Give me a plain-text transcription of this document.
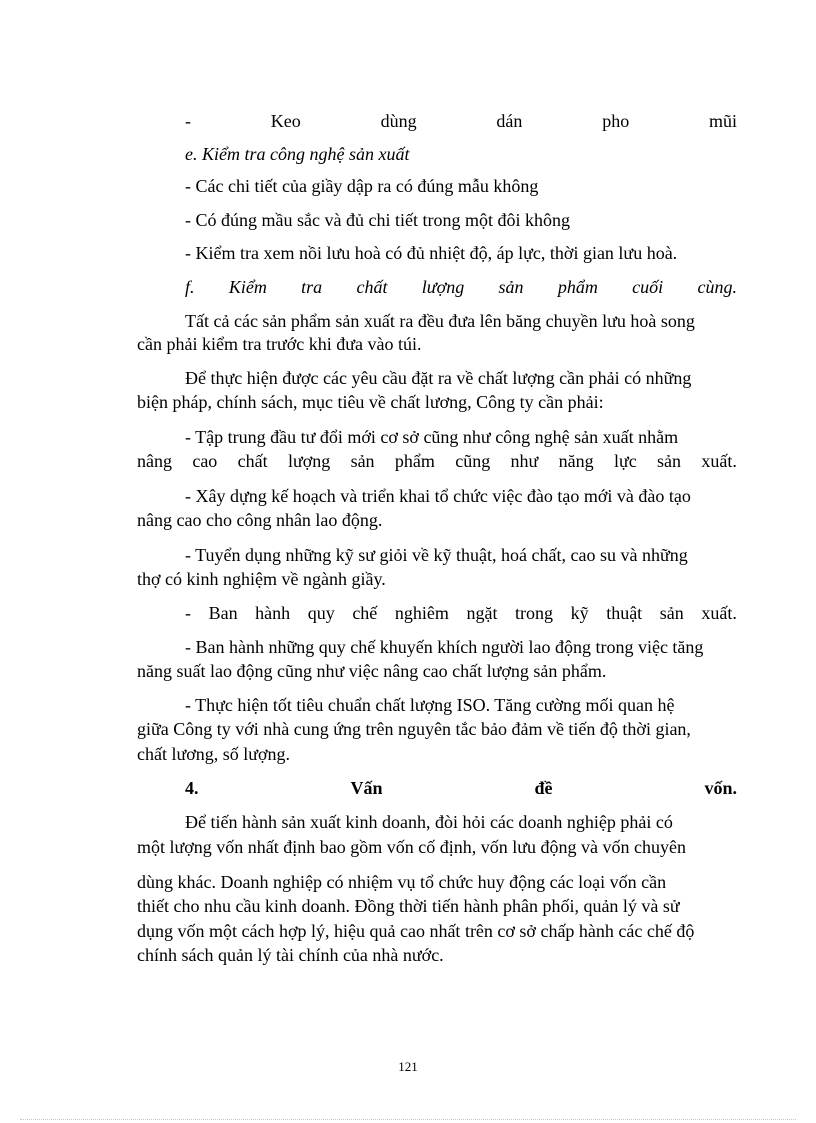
-	Keo	dùng	dán	pho	mũi
e. Kiểm tra công nghệ sản xuất
- Các chi tiết của giầy dập ra có đúng mẫu không
- Có đúng mầu sắc và đủ chi tiết trong một đôi không
- Kiểm tra xem nồi lưu hoà có đủ nhiệt độ, áp lực, thời gian lưu hoà.
f. Kiểm tra chất lượng sản phẩm cuối cùng.
Tất cả các sản phẩm sản xuất ra đều đưa lên băng chuyền lưu hoà song
cần phải kiểm tra trước khi đưa vào túi.
Để thực hiện được các yêu cầu đặt ra về chất lượng cần phải có những
biện pháp, chính sách, mục tiêu về chất lương, Công ty cần phải:
- Tập trung đầu tư đổi mới cơ sở cũng như công nghệ sản xuất nhằm
nâng cao chất lượng sản phẩm cũng như năng lực sản xuất.
- Xây dựng kế hoạch và triển khai tổ chức việc đào tạo mới và đào tạo
nâng cao cho công nhân lao động.
- Tuyển dụng những kỹ sư giỏi về kỹ thuật, hoá chất, cao su và những
thợ có kinh nghiệm về ngành giầy.
- Ban hành quy chế nghiêm ngặt trong kỹ thuật sản xuất.
- Ban hành những quy chế khuyến khích người lao động trong việc tăng
năng suất lao động cũng như việc nâng cao chất lượng sản phẩm.
- Thực hiện tốt tiêu chuẩn chất lượng ISO. Tăng cường mối quan hệ
giữa Công ty với nhà cung ứng trên nguyên tắc bảo đảm về tiến độ thời gian,
chất lương, số lượng.
4.	Vấn	đề	vốn.
Để tiến hành sản xuất kinh doanh, đòi hỏi các doanh nghiệp phải có
một lượng vốn nhất định bao gồm vốn cố định, vốn lưu động và vốn chuyên
dùng khác. Doanh nghiệp có nhiệm vụ tổ chức huy động các loại vốn cần
thiết cho nhu cầu kinh doanh. Đồng thời tiến hành phân phối, quản lý và sử
dụng vốn một cách hợp lý, hiệu quả cao nhất trên cơ sở chấp hành các chế độ
chính sách quản lý tài chính của nhà nước.
121
